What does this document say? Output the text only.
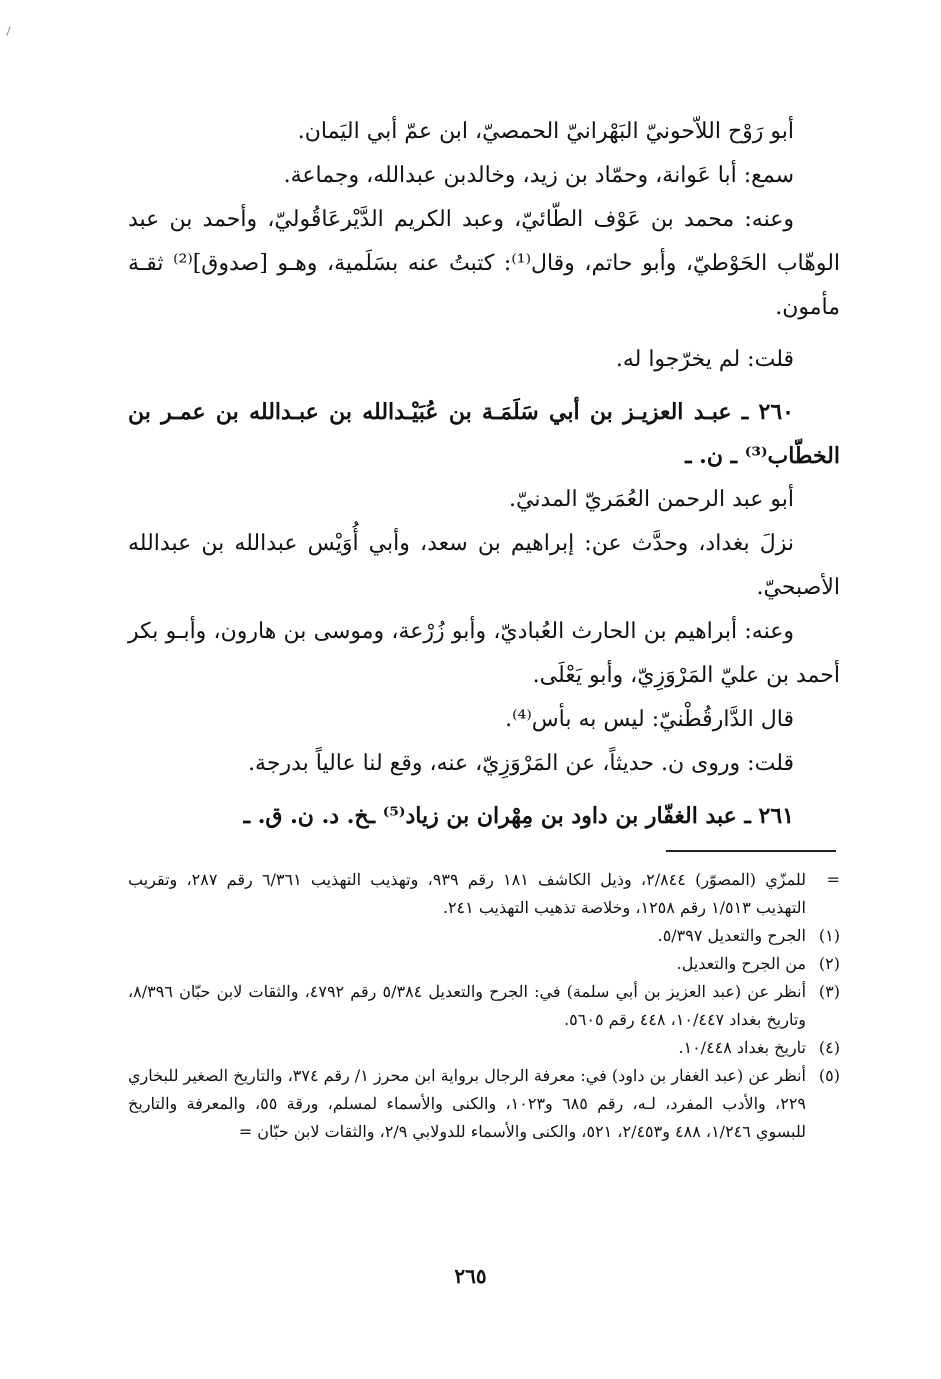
أبو رَوْح اللاّحونيّ البَهْرانيّ الحمصيّ، ابن عمّ أبي اليَمان.

سمع: أبا عَوانة، وحمّاد بن زيد، وخالدبن عبدالله، وجماعة.

وعنه: محمد بن عَوْف الطّائيّ، وعبد الكريم الدَّيْرعَاقُوليّ، وأحمد بن عبد الوهّاب الحَوْطيّ، وأبو حاتم، وقال⁽¹⁾: كتبتُ عنه بسَلَمية، وهـو [صدوق]⁽²⁾ ثقـة مأمون.

قلت: لم يخرّجوا له.

٢٦٠ ـ عبـد العزيـز بن أبي سَلَمَـة بن عُبَيْـدالله بن عبـدالله بن عمـر بن الخطّاب⁽³⁾ ـ ن. ـ

أبو عبد الرحمن العُمَريّ المدنيّ.

نزلَ بغداد، وحدَّث عن: إبراهيم بن سعد، وأبي أُوَيْس عبدالله بن عبدالله الأصبحيّ.

وعنه: أبراهيم بن الحارث العُباديّ، وأبو زُرْعة، وموسى بن هارون، وأبـو بكر أحمد بن عليّ المَرْوَزِيّ، وأبو يَعْلَى.

قال الدَّارقُطْنيّ: ليس به بأس⁽⁴⁾.

قلت: وروى ن. حديثاً، عن المَرْوَزِيّ، عنه، وقع لنا عالياً بدرجة.

٢٦١ ـ عبد الغفّار بن داود بن مِهْران بن زياد⁽⁵⁾ ـخ. د. ن. ق. ـ

=
للمزّي (المصوّر) ٢/٨٤٤، وذيل الكاشف ١٨١ رقم ٩٣٩، وتهذيب التهذيب ٦/٣٦١ رقم ٢٨٧، وتقريب التهذيب ١/٥١٣ رقم ١٢٥٨، وخلاصة تذهيب التهذيب ٢٤١.
(١)
الجرح والتعديل ٥/٣٩٧.
(٢)
من الجرح والتعديل.
(٣)
أنظر عن (عبد العزيز بن أبي سلمة) في: الجرح والتعديل ٥/٣٨٤ رقم ٤٧٩٢، والثقات لابن حبّان ٨/٣٩٦، وتاريخ بغداد ١٠/٤٤٧، ٤٤٨ رقم ٥٦٠٥.
(٤)
تاريخ بغداد ١٠/٤٤٨.
(٥)
أنظر عن (عبد الغفار بن داود) في: معرفة الرجال برواية ابن محرز ١/ رقم ٣٧٤، والتاريخ الصغير للبخاري ٢٢٩، والأدب المفرد، لـه، رقم ٦٨٥ و١٠٢٣، والكنى والأسماء لمسلم، ورقة ٥٥، والمعرفة والتاريخ للبسوي ١/٢٤٦، ٤٨٨ و٢/٤٥٣، ٥٢١، والكنى والأسماء للدولابي ٢/٩، والثقات لابن حبّان =
٢٦٥
